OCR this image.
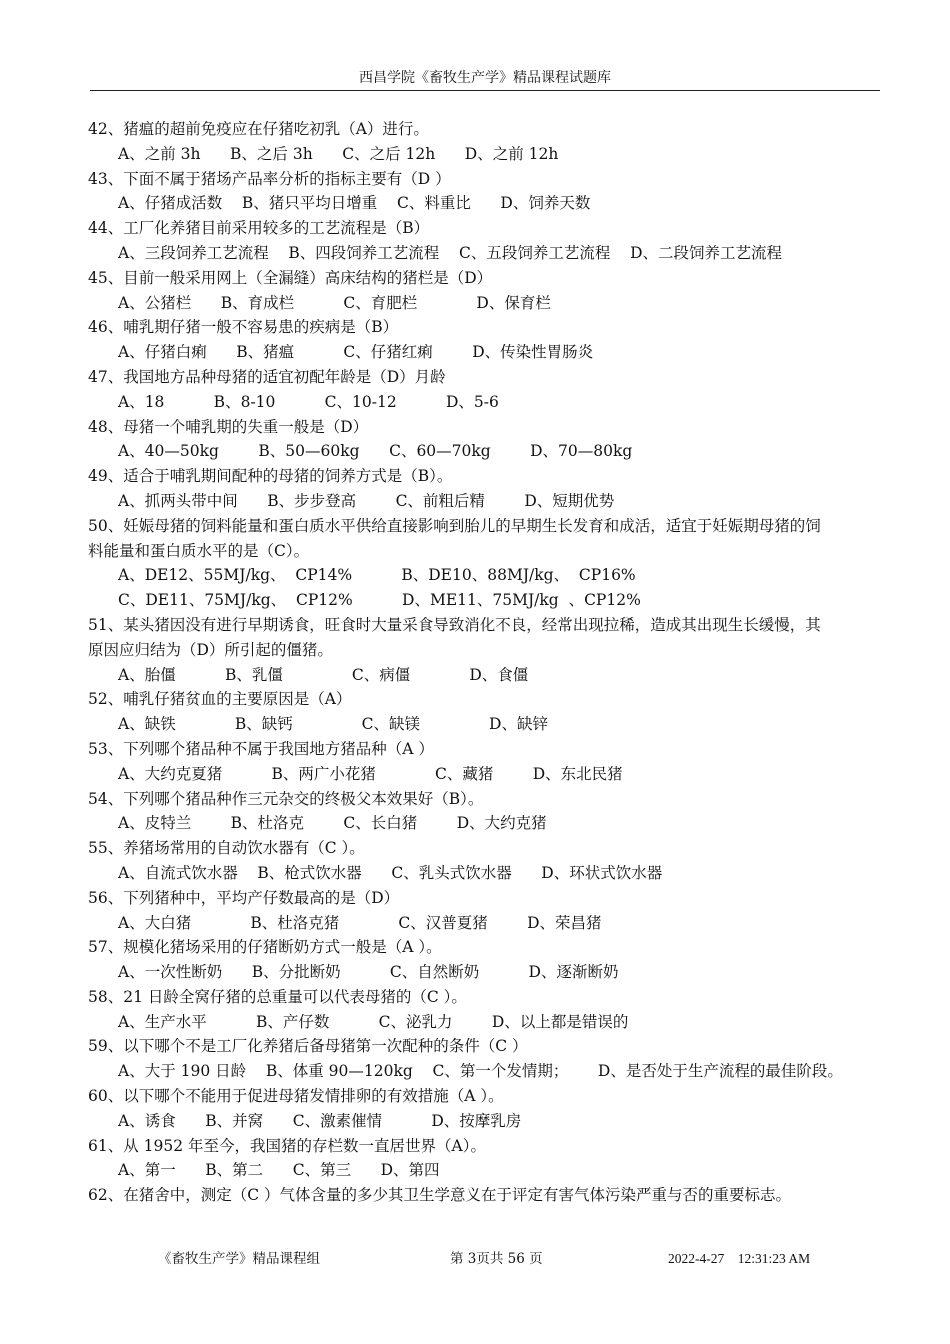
西昌学院《畜牧生产学》精品课程试题库
42、猪瘟的超前免疫应在仔猪吃初乳（A）进行。
A、之前 3h      B、之后 3h      C、之后 12h      D、之前 12h
43、下面不属于猪场产品率分析的指标主要有（D ）
A、仔猪成活数    B、猪只平均日增重    C、料重比      D、饲养天数
44、工厂化养猪目前采用较多的工艺流程是（B）
A、三段饲养工艺流程    B、四段饲养工艺流程    C、五段饲养工艺流程    D、二段饲养工艺流程
45、目前一般采用网上（全漏缝）高床结构的猪栏是（D）
A、公猪栏      B、育成栏          C、育肥栏            D、保育栏
46、哺乳期仔猪一般不容易患的疾病是（B）
A、仔猪白痢      B、猪瘟          C、仔猪红痢        D、传染性胃肠炎
47、我国地方品种母猪的适宜初配年龄是（D）月龄
A、18          B、8-10          C、10-12          D、5-6
48、母猪一个哺乳期的失重一般是（D）
A、40—50kg        B、50—60kg      C、60—70kg        D、70—80kg
49、适合于哺乳期间配种的母猪的饲养方式是（B）。
A、抓两头带中间      B、步步登高        C、前粗后精        D、短期优势
50、妊娠母猪的饲料能量和蛋白质水平供给直接影响到胎儿的早期生长发育和成活，适宜于妊娠期母猪的饲
料能量和蛋白质水平的是（C）。
A、DE12、55MJ/kg、  CP14%          B、DE10、88MJ/kg、  CP16%
C、DE11、75MJ/kg、  CP12%          D、ME11、75MJ/kg  、CP12%
51、某头猪因没有进行早期诱食，旺食时大量采食导致消化不良，经常出现拉稀，造成其出现生长缓慢，其
原因应归结为（D）所引起的僵猪。
A、胎僵          B、乳僵              C、病僵            D、食僵
52、哺乳仔猪贫血的主要原因是（A）
A、缺铁            B、缺钙              C、缺镁              D、缺锌
53、下列哪个猪品种不属于我国地方猪品种（A ）
A、大约克夏猪          B、两广小花猪            C、藏猪        D、东北民猪
54、下列哪个猪品种作三元杂交的终极父本效果好（B）。
A、皮特兰        B、杜洛克        C、长白猪        D、大约克猪
55、养猪场常用的自动饮水器有（C ）。
A、自流式饮水器    B、枪式饮水器      C、乳头式饮水器      D、环状式饮水器
56、下列猪种中，平均产仔数最高的是（D）
A、大白猪            B、杜洛克猪            C、汉普夏猪        D、荣昌猪
57、规模化猪场采用的仔猪断奶方式一般是（A ）。
A、一次性断奶      B、分批断奶          C、自然断奶          D、逐渐断奶
58、21 日龄全窝仔猪的总重量可以代表母猪的（C ）。
A、生产水平          B、产仔数          C、泌乳力        D、以上都是错误的
59、以下哪个不是工厂化养猪后备母猪第一次配种的条件（C ）
A、大于 190 日龄    B、体重 90—120kg    C、第一个发情期；      D、是否处于生产流程的最佳阶段。
60、以下哪个不能用于促进母猪发情排卵的有效措施（A ）。
A、诱食      B、并窝      C、激素催情          D、按摩乳房
61、从 1952 年至今，我国猪的存栏数一直居世界（A）。
A、第一      B、第二      C、第三      D、第四
62、在猪舍中，测定（C ）气体含量的多少其卫生学意义在于评定有害气体污染严重与否的重要标志。
《畜牧生产学》精品课程组	第 3页共 56 页	2022-4-27    12:31:23 AM
